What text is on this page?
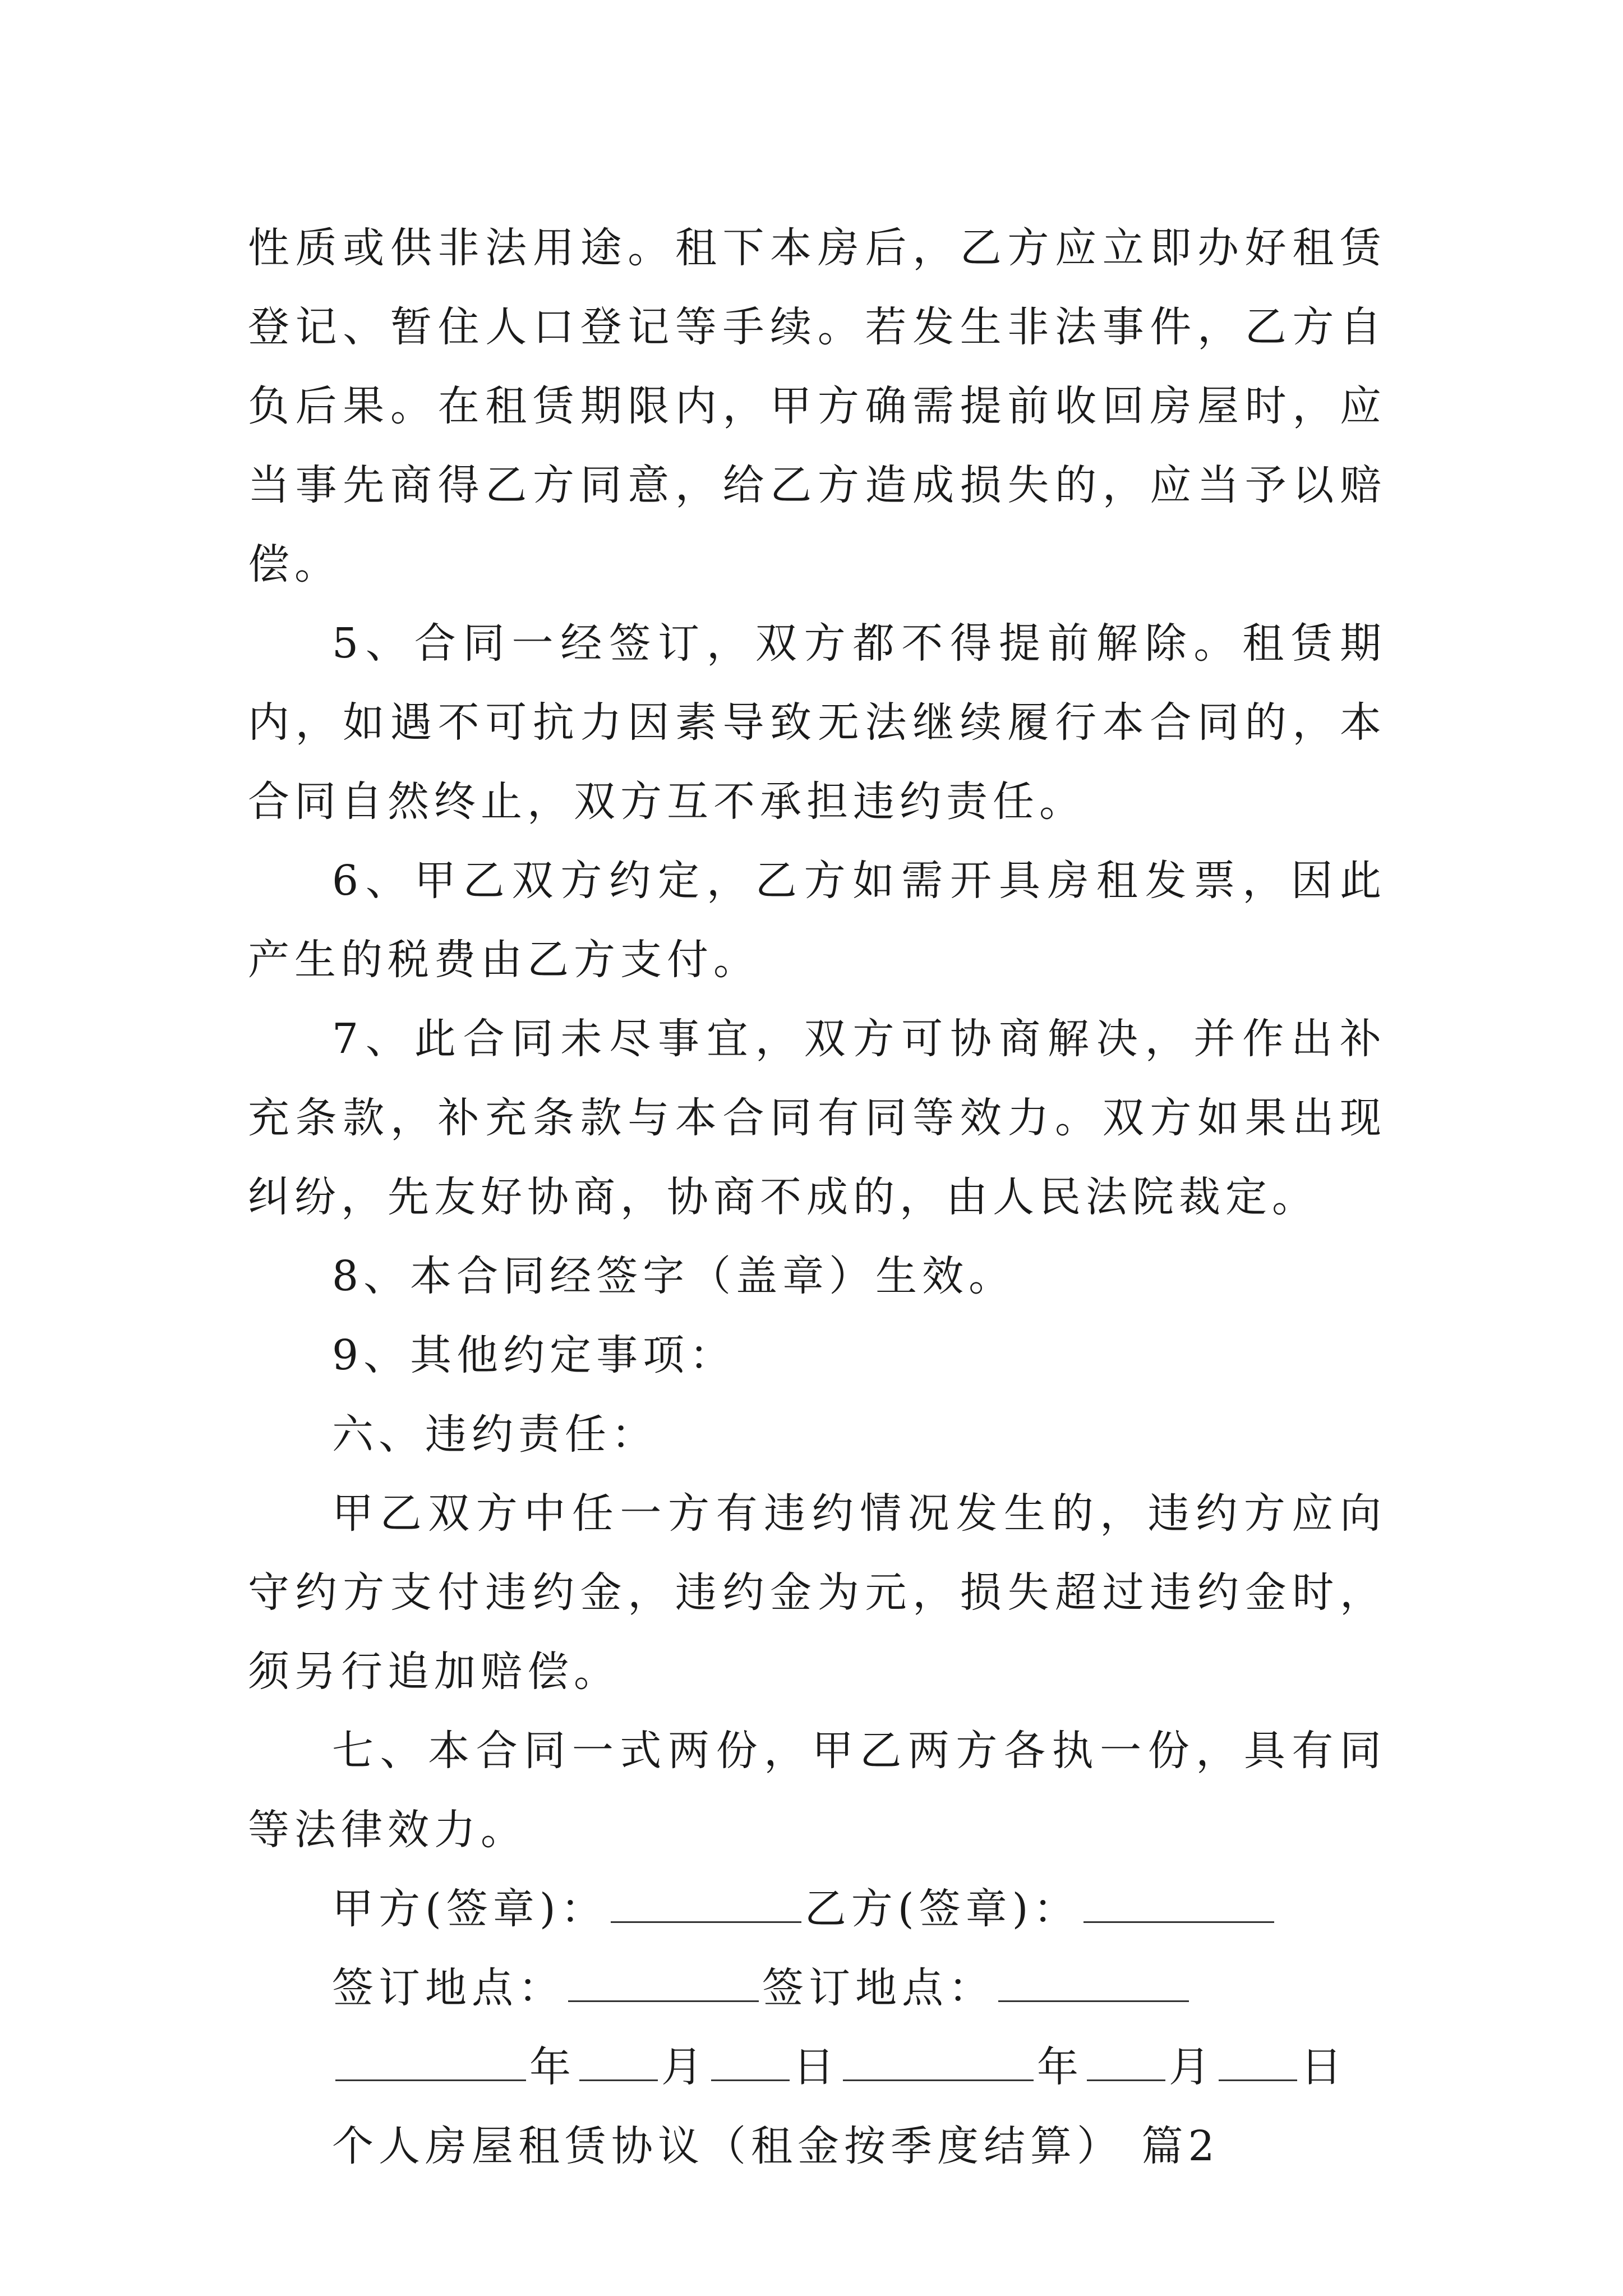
性质或供非法用途。租下本房后，乙方应立即办好租赁登记、暂住人口登记等手续。若发生非法事件，乙方自负后果。在租赁期限内，甲方确需提前收回房屋时，应当事先商得乙方同意，给乙方造成损失的，应当予以赔偿。

5、合同一经签订，双方都不得提前解除。租赁期内，如遇不可抗力因素导致无法继续履行本合同的，本合同自然终止，双方互不承担违约责任。

6、甲乙双方约定，乙方如需开具房租发票，因此产生的税费由乙方支付。

7、此合同未尽事宜，双方可协商解决，并作出补充条款，补充条款与本合同有同等效力。双方如果出现纠纷，先友好协商，协商不成的，由人民法院裁定。

8、本合同经签字（盖章）生效。

9、其他约定事项：

六、违约责任：

甲乙双方中任一方有违约情况发生的，违约方应向守约方支付违约金，违约金为元，损失超过违约金时，须另行追加赔偿。

七、本合同一式两份，甲乙两方各执一份，具有同等法律效力。

甲方(签章)：	乙方(签章)：
签订地点：	签订地点：
年 月 日	年 月 日
个人房屋租赁协议（租金按季度结算） 篇2
